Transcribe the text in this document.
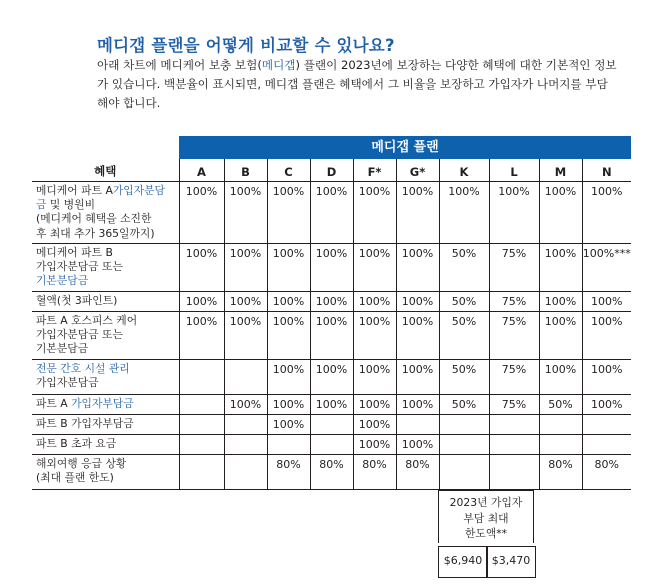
메디갭 플랜을 어떻게 비교할 수 있나요?
아래 차트에 메디케어 보충 보험(메디갭) 플랜이 2023년에 보장하는 다양한 혜택에 대한 기본적인 정보가 있습니다. 백분율이 표시되면, 메디갭 플랜은 혜택에서 그 비율을 보장하고 가입자가 나머지를 부담해야 합니다.
메디갭 플랜
혜택	A	B	C	D	F*	G*	K	L	M	N
메디케어 파트 A가입자분담금 및 병원비
(메디케어 혜택을 소진한
후 최대 추가 365일까지)	100%	100%	100%	100%	100%	100%	100%	100%	100%	100%
메디케어 파트 B
가입자분담금 또는
기본분담금	100%	100%	100%	100%	100%	100%	50%	75%	100%	100%***
혈액(첫 3파인트)	100%	100%	100%	100%	100%	100%	50%	75%	100%	100%
파트 A 호스피스 케어
가입자분담금 또는
기본분담금	100%	100%	100%	100%	100%	100%	50%	75%	100%	100%
전문 간호 시설 관리
가입자분담금			100%	100%	100%	100%	50%	75%	100%	100%
파트 A 가입자부담금		100%	100%	100%	100%	100%	50%	75%	50%	100%
파트 B 가입자부담금			100%		100%					
파트 B 초과 요금					100%	100%				
해외여행 응급 상황
(최대 플랜 한도)			80%	80%	80%	80%			80%	80%
2023년 가입자
부담 최대
한도액**
$6,940 $3,470
